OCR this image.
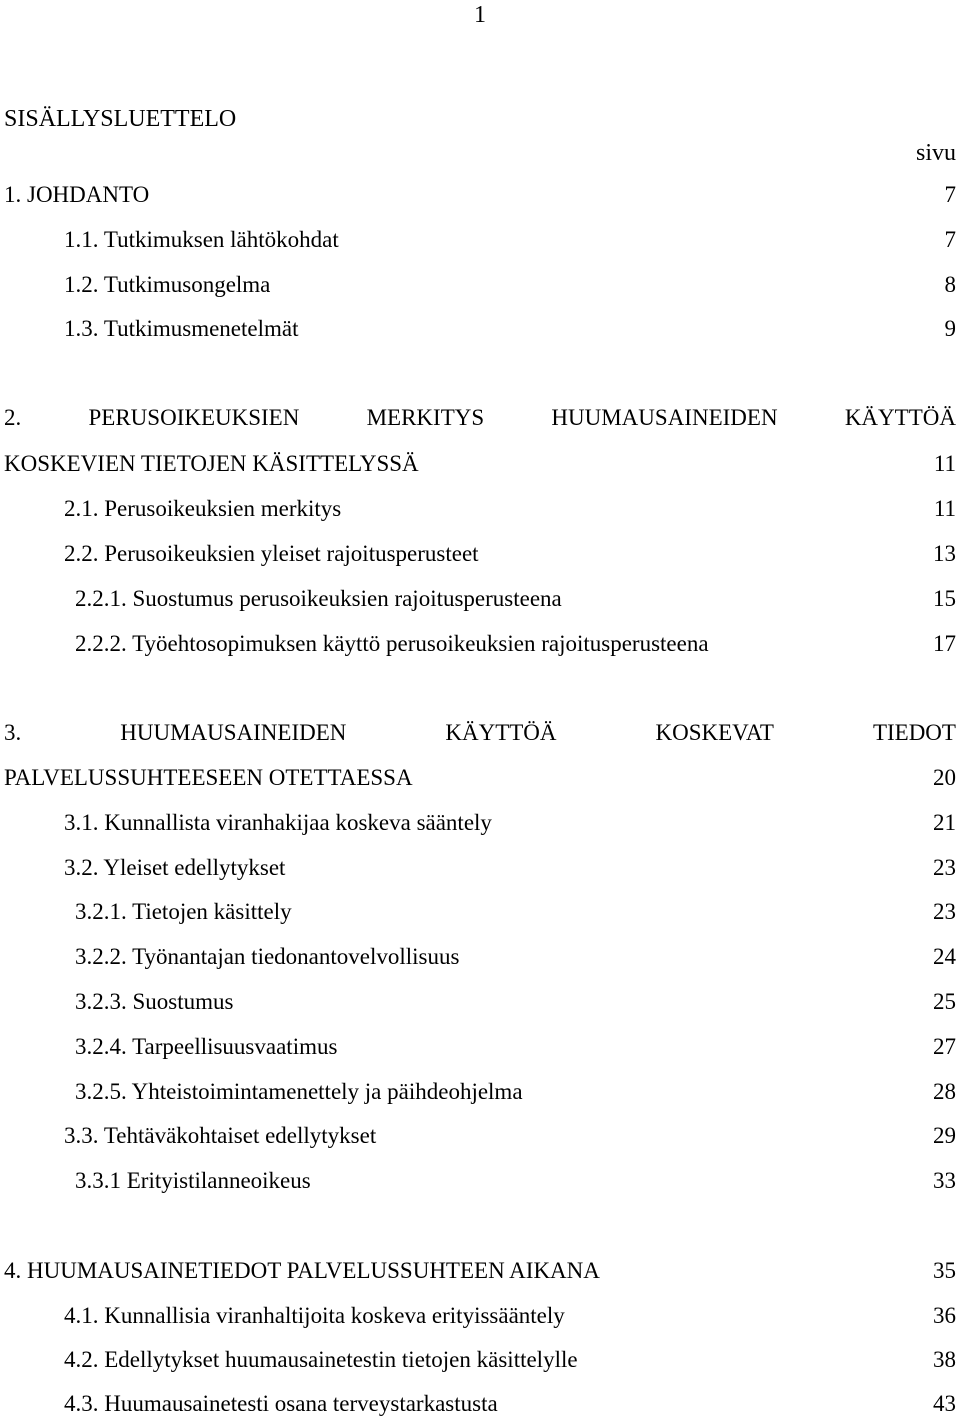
1
SISÄLLYSLUETTELO
sivu
1. JOHDANTO	7
1.1. Tutkimuksen lähtökohdat	7
1.2. Tutkimusongelma	8
1.3. Tutkimusmenetelmät	9
2.	PERUSOIKEUKSIEN	MERKITYS	HUUMAUSAINEIDEN	KÄYTTÖÄ
KOSKEVIEN TIETOJEN KÄSITTELYSSÄ	11
2.1. Perusoikeuksien merkitys	11
2.2. Perusoikeuksien yleiset rajoitusperusteet	13
2.2.1. Suostumus perusoikeuksien rajoitusperusteena	15
2.2.2. Työehtosopimuksen käyttö perusoikeuksien rajoitusperusteena	17
3.	HUUMAUSAINEIDEN	KÄYTTÖÄ	KOSKEVAT	TIEDOT
PALVELUSSUHTEESEEN OTETTAESSA	20
3.1. Kunnallista viranhakijaa koskeva sääntely	21
3.2. Yleiset edellytykset	23
3.2.1. Tietojen käsittely	23
3.2.2. Työnantajan tiedonantovelvollisuus	24
3.2.3. Suostumus	25
3.2.4. Tarpeellisuusvaatimus	27
3.2.5. Yhteistoimintamenettely ja päihdeohjelma	28
3.3. Tehtäväkohtaiset edellytykset	29
3.3.1 Erityistilanneoikeus	33
4. HUUMAUSAINETIEDOT PALVELUSSUHTEEN AIKANA	35
4.1. Kunnallisia viranhaltijoita koskeva erityissääntely	36
4.2. Edellytykset huumausainetestin tietojen käsittelylle	38
4.3. Huumausainetesti osana terveystarkastusta	43
